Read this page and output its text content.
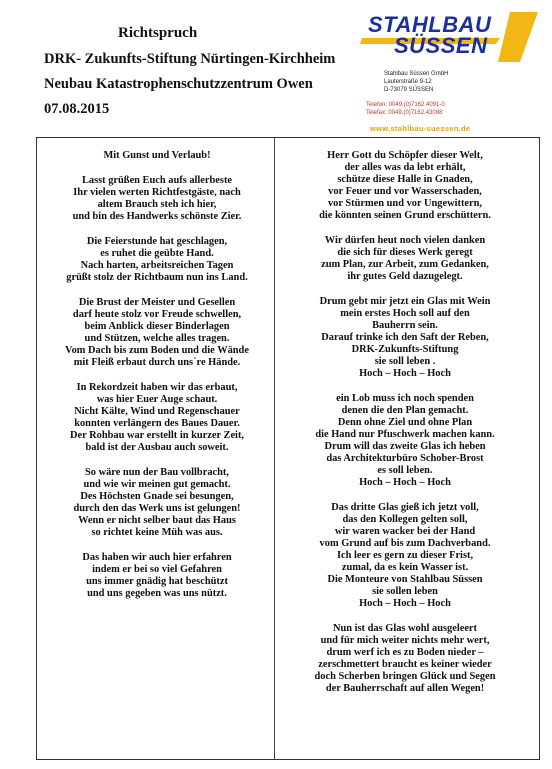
Richtspruch
DRK- Zukunfts-Stiftung Nürtingen-Kirchheim
Neubau Katastrophenschutzzentrum Owen
07.08.2015
STAHLBAU
SÜSSEN
Stahlbau Süssen GmbH
Lauterstraße 9-12
D-73079 SÜSSEN
Telefon: 0049.(0)7162.4091-0
Telefax: 0049.(0)7162.43088
www.stahlbau-suessen.de
Mit Gunst und Verlaub!
Lasst grüßen Euch aufs allerbeste
Ihr vielen werten Richtfestgäste, nach
altem Brauch steh ich hier,
und bin des Handwerks schönste Zier.
Die Feierstunde hat geschlagen,
es ruhet die geübte Hand.
Nach harten, arbeitsreichen Tagen
grüßt stolz der Richtbaum nun ins Land.
Die Brust der Meister und Gesellen
darf heute stolz vor Freude schwellen,
beim Anblick dieser Binderlagen
und Stützen, welche alles tragen.
Vom Dach bis zum Boden und die Wände
mit Fleiß erbaut durch uns´re Hände.
In Rekordzeit haben wir das erbaut,
was hier Euer Auge schaut.
Nicht Kälte, Wind und Regenschauer
konnten verlängern des Baues Dauer.
Der Rohbau war erstellt in kurzer Zeit,
bald ist der Ausbau auch soweit.
So wäre nun der Bau vollbracht,
und wie wir meinen gut gemacht.
Des Höchsten Gnade sei besungen,
durch den das Werk uns ist gelungen!
Wenn er nicht selber baut das Haus
so richtet keine Müh was aus.
Das haben wir auch hier erfahren
indem er bei so viel Gefahren
uns immer gnädig hat beschützt
und uns gegeben was uns nützt.
Herr Gott du Schöpfer dieser Welt,
der alles was da lebt erhält,
schütze diese Halle in Gnaden,
vor Feuer und vor Wasserschaden,
vor Stürmen und vor Ungewittern,
die könnten seinen Grund erschüttern.
Wir dürfen heut noch vielen danken
die sich für dieses Werk geregt
zum Plan, zur Arbeit, zum Gedanken,
ihr gutes Geld dazugelegt.
Drum gebt mir jetzt ein Glas mit Wein
mein erstes Hoch soll auf den
Bauherrn sein.
Darauf trinke ich den Saft der Reben,
DRK-Zukunfts-Stiftung
sie soll leben .
Hoch – Hoch – Hoch
ein Lob muss ich noch spenden
denen die den Plan gemacht.
Denn ohne Ziel und ohne Plan
die Hand nur Pfuschwerk machen kann.
Drum will das zweite Glas ich heben
das Architekturbüro Schober-Brost
es soll leben.
Hoch – Hoch – Hoch
Das dritte Glas gieß ich jetzt voll,
das den Kollegen gelten soll,
wir waren wacker bei der Hand
vom Grund auf bis zum Dachverband.
Ich leer es gern zu dieser Frist,
zumal, da es kein Wasser ist.
Die Monteure von Stahlbau Süssen
sie sollen leben
Hoch – Hoch – Hoch
Nun ist das Glas wohl ausgeleert
und für mich weiter nichts mehr wert,
drum werf ich es zu Boden nieder –
zerschmettert braucht es keiner wieder
doch Scherben bringen Glück und Segen
der Bauherrschaft auf allen Wegen!
